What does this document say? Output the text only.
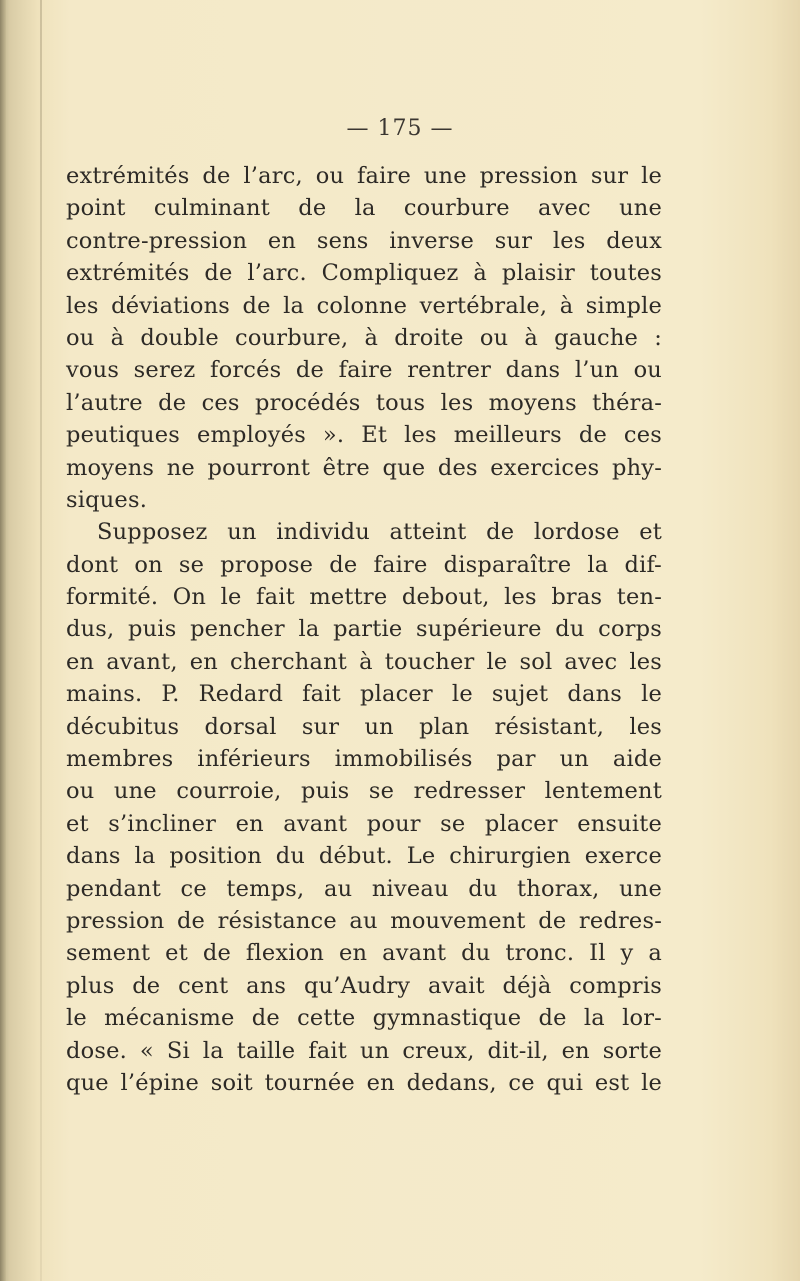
— 175 —
extrémités de l’arc, ou faire une pression sur le
point culminant de la courbure avec une
contre-pression en sens inverse sur les deux
extrémités de l’arc. Compliquez à plaisir toutes
les déviations de la colonne vertébrale, à simple
ou à double courbure, à droite ou à gauche :
vous serez forcés de faire rentrer dans l’un ou
l’autre de ces procédés tous les moyens théra-
peutiques employés ». Et les meilleurs de ces
moyens ne pourront être que des exercices phy-
siques.
Supposez un individu atteint de lordose et
dont on se propose de faire disparaître la dif-
formité. On le fait mettre debout, les bras ten-
dus, puis pencher la partie supérieure du corps
en avant, en cherchant à toucher le sol avec les
mains. P. Redard fait placer le sujet dans le
décubitus dorsal sur un plan résistant, les
membres inférieurs immobilisés par un aide
ou une courroie, puis se redresser lentement
et s’incliner en avant pour se placer ensuite
dans la position du début. Le chirurgien exerce
pendant ce temps, au niveau du thorax, une
pression de résistance au mouvement de redres-
sement et de flexion en avant du tronc. Il y a
plus de cent ans qu’Audry avait déjà compris
le mécanisme de cette gymnastique de la lor-
dose. « Si la taille fait un creux, dit-il, en sorte
que l’épine soit tournée en dedans, ce qui est le
